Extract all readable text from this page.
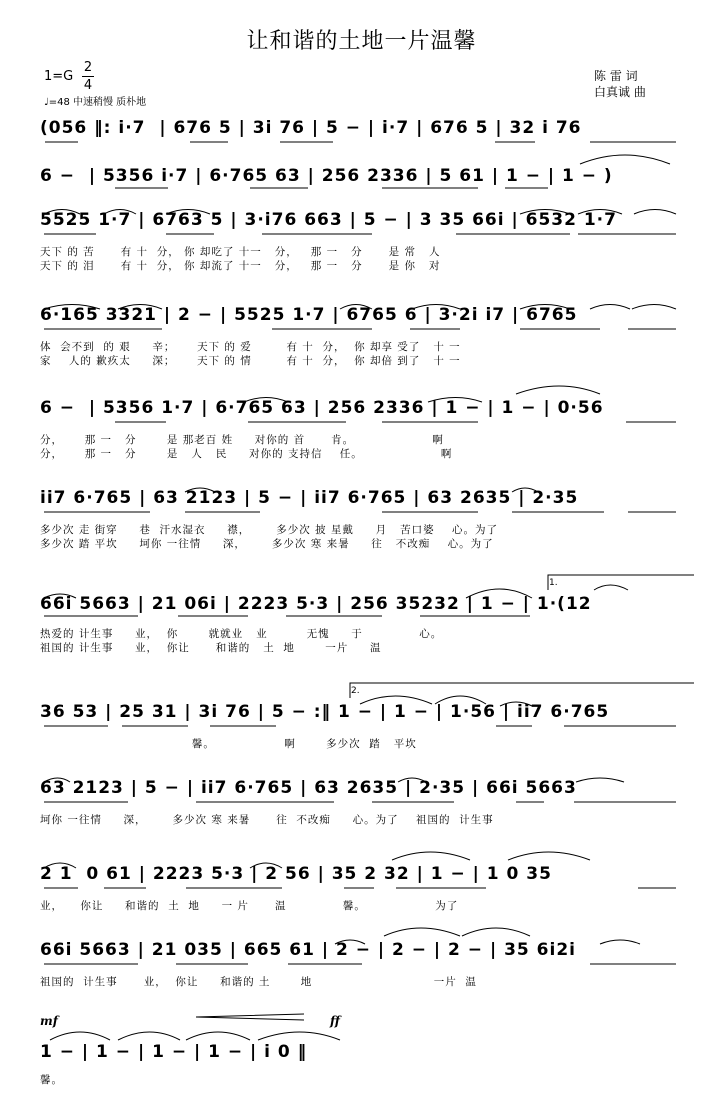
让和谐的土地一片温馨
1=G
2
4
♩=48 中速稍慢 质朴地
陈 雷 词
白真诚 曲
(056 ‖: i·7  | 676 5 | 3i 76 | 5 − | i·7 | 676 5 | 32 i 76
6 −  | 5356 i·7 | 6·765 63 | 256 2336 | 5 61 | 1 − | 1 − )
5525 1·7 | 6763 5 | 3·i76 663 | 5 − | 3 35 66i | 6532 1·7
天下 的 苦      有 十  分， 你 却吃了 十一   分，   那 一   分      是 常   人
天下 的 泪      有 十  分， 你 却流了 十一   分，   那 一   分      是 你   对
6·165 3321 | 2 − | 5525 1·7 | 6765 6 | 3·2i i7 | 6765
体  会不到  的 艰     辛；     天下 的 爱        有 十  分，  你 却享 受了   十 一
家    人的 歉疚太     深；     天下 的 情        有 十  分，  你 却倍 到了   十 一
6 −  | 5356 1·7 | 6·765 63 | 256 2336 | 1 − | 1 − | 0·56
分，     那 一   分       是 那老百 姓     对你的 首      肯。                  啊
分，     那 一   分       是   人   民     对你的 支持信    任。                  啊
ii7 6·765 | 63 2123 | 5 − | ii7 6·765 | 63 2635 | 2·35
多少次 走 街穿     巷  汗水湿衣     襟，      多少次 披 星戴     月   苦口婆    心。为了
多少次 踏 平坎     坷你 一往情     深，      多少次 寒 来暑     往   不改痴    心。为了
66i 5663 | 21 06i | 2223 5·3 | 256 35232 | 1 − | 1·(12
热爱的 计生事     业，  你       就就业   业         无愧     于             心。
祖国的 计生事     业，  你让      和谐的   土  地       一片     温
36 53 | 25 31 | 3i 76 | 5 − :‖ 1 − | 1 − | 1·56 | ii7 6·765
馨。                啊       多少次  踏   平坎
63 2123 | 5 − | ii7 6·765 | 63 2635 | 2·35 | 66i 5663
坷你 一往情     深，      多少次 寒 来暑      往  不改痴     心。为了    祖国的  计生事
2 1  0 61 | 2223 5·3 | 2 56 | 35 2 32 | 1 − | 1 0 35
业，    你让     和谐的  土  地     一 片      温             馨。                为了
66i 5663 | 21 035 | 665 61 | 2 − | 2 − | 2 − | 35 6i2i
祖国的  计生事      业，  你让     和谐的 土       地                            一片  温
1 − | 1 − | 1 − | 1 − | i 0 ‖
馨。
1.
2.
mf	ff
